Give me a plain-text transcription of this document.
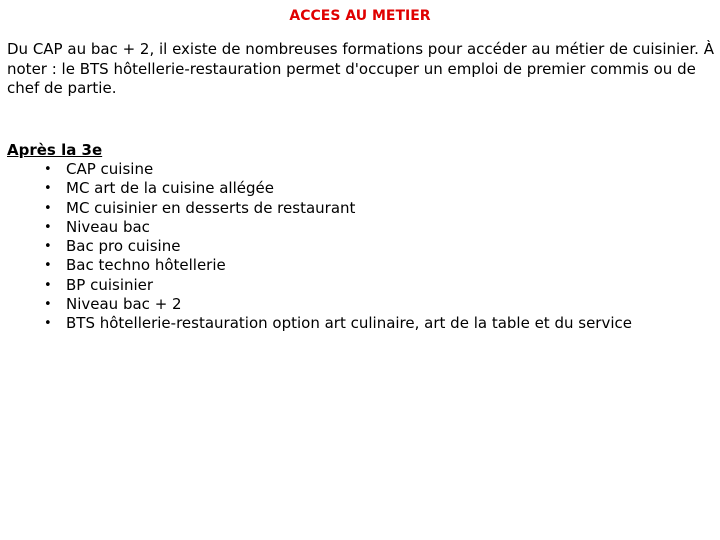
ACCES AU METIER

Du CAP au bac + 2, il existe de nombreuses formations pour accéder au métier de cuisinier. À noter : le BTS hôtellerie-restauration permet d'occuper un emploi de premier commis ou de chef de partie.

Après la 3e

• CAP cuisine
• MC art de la cuisine allégée
• MC cuisinier en desserts de restaurant
• Niveau bac
• Bac pro cuisine
• Bac techno hôtellerie
• BP cuisinier
• Niveau bac + 2
• BTS hôtellerie-restauration option art culinaire, art de la table et du service
